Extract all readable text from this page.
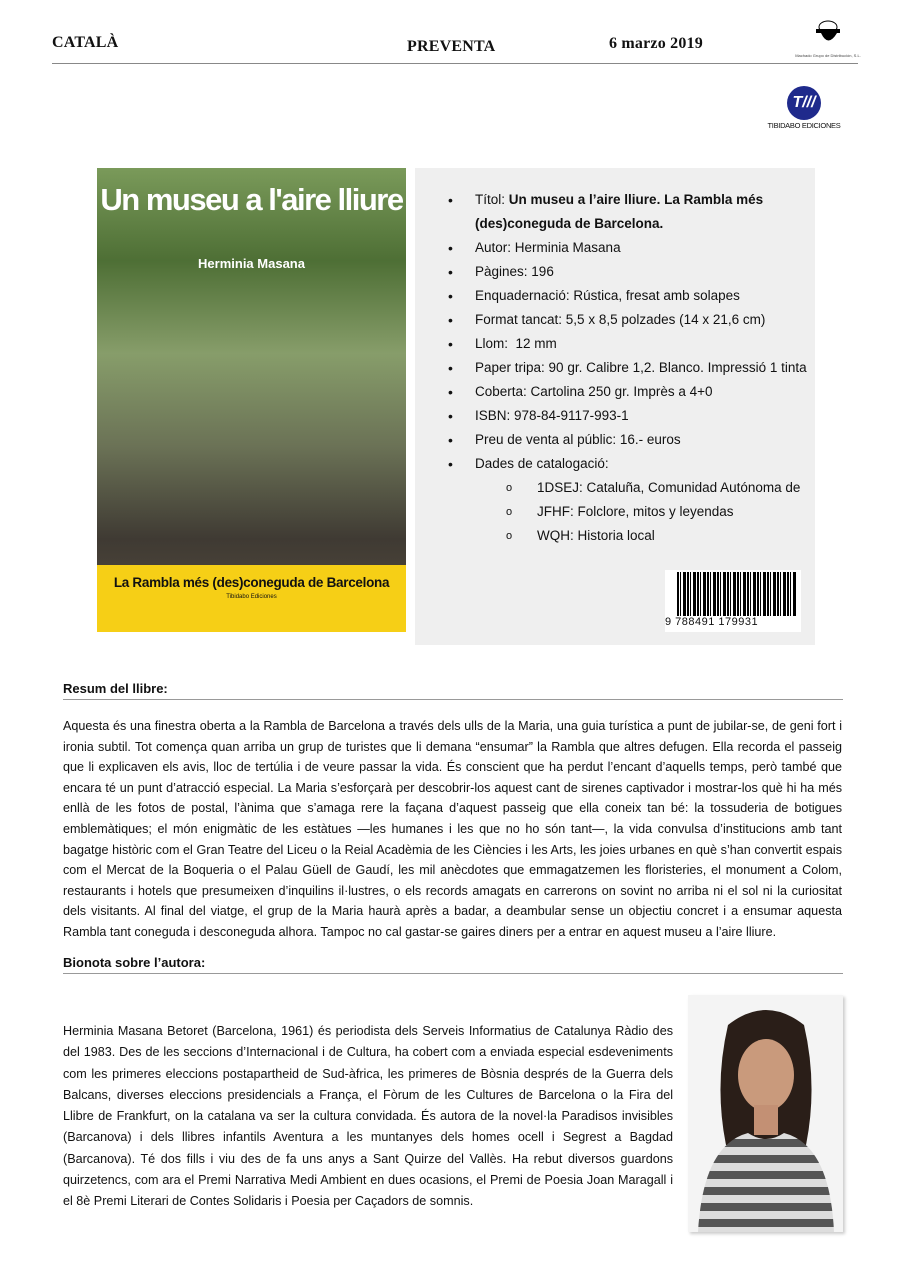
CATALÀ	PREVENTA	6 marzo 2019
Machado Grupo de Distribución, S.L.
T///
TIBIDABO EDICIONES
Un museu a l'aire lliure
Herminia Masana
La Rambla més (des)coneguda de Barcelona
Tibidabo Ediciones
• Títol: Un museu a l’aire lliure. La Rambla més (des)coneguda de Barcelona.
• Autor: Herminia Masana
• Pàgines: 196
• Enquadernació: Rústica, fresat amb solapes
• Format tancat: 5,5 x 8,5 polzades (14 x 21,6 cm)
• Llom:  12 mm
• Paper tripa: 90 gr. Calibre 1,2. Blanco. Impressió 1 tinta
• Coberta: Cartolina 250 gr. Imprès a 4+0
• ISBN: 978-84-9117-993-1
• Preu de venta al públic: 16.- euros
• Dades de catalogació:
o 1DSEJ: Cataluña, Comunidad Autónoma de
o JFHF: Folclore, mitos y leyendas
o WQH: Historia local
9 788491 179931
Resum del llibre:
Aquesta és una finestra oberta a la Rambla de Barcelona a través dels ulls de la Maria, una guia turística a punt de jubilar-se, de geni fort i ironia subtil. Tot comença quan arriba un grup de turistes que li demana “ensumar” la Rambla que altres defugen. Ella recorda el passeig que li explicaven els avis, lloc de tertúlia i de veure passar la vida. És conscient que ha perdut l’encant d’aquells temps, però també que encara té un punt d’atracció especial. La Maria s’esforçarà per descobrir-los aquest cant de sirenes captivador i mostrar-los què hi ha més enllà de les fotos de postal, l’ànima que s’amaga rere la façana d’aquest passeig que ella coneix tan bé: la tossuderia de botigues emblemàtiques; el món enigmàtic de les estàtues —les humanes i les que no ho són tant—, la vida convulsa d’institucions amb tant bagatge històric com el Gran Teatre del Liceu o la Reial Acadèmia de les Ciències i les Arts, les joies urbanes en què s’han convertit espais com el Mercat de la Boqueria o el Palau Güell de Gaudí, les mil anècdotes que emmagatzemen les floristeries, el monument a Colom, restaurants i hotels que presumeixen d’inquilins il·lustres, o els records amagats en carrerons on sovint no arriba ni el sol ni la curiositat dels visitants. Al final del viatge, el grup de la Maria haurà après a badar, a deambular sense un objectiu concret i a ensumar aquesta Rambla tant coneguda i desconeguda alhora. Tampoc no cal gastar-se gaires diners per a entrar en aquest museu a l’aire lliure.
Bionota sobre l’autora:
Herminia Masana Betoret (Barcelona, 1961) és periodista dels Serveis Informatius de Catalunya Ràdio des del 1983. Des de les seccions d’Internacional i de Cultura, ha cobert com a enviada especial esdeveniments com les primeres eleccions postapartheid de Sud-àfrica, les primeres de Bòsnia després de la Guerra dels Balcans, diverses eleccions presidencials a França, el Fòrum de les Cultures de Barcelona o la Fira del Llibre de Frankfurt, on la catalana va ser la cultura convidada. És autora de la novel·la Paradisos invisibles (Barcanova) i dels llibres infantils Aventura a les muntanyes dels homes ocell i Segrest a Bagdad (Barcanova). Té dos fills i viu des de fa uns anys a Sant Quirze del Vallès. Ha rebut diversos guardons quirzetencs, com ara el Premi Narrativa Medi Ambient en dues ocasions, el Premi de Poesia Joan Maragall i el 8è Premi Literari de Contes Solidaris i Poesia per Caçadors de somnis.
